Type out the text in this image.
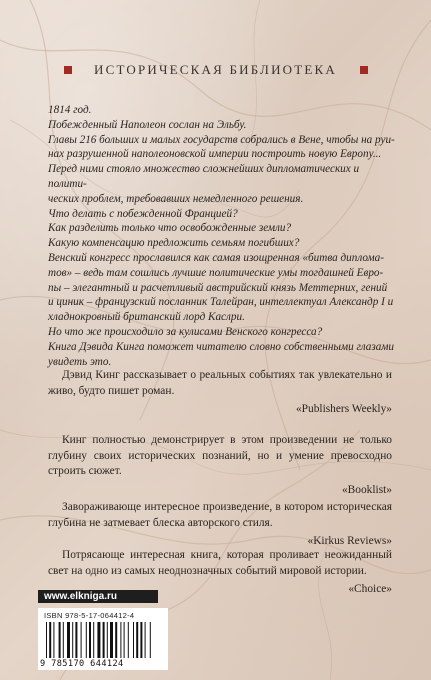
ИСТОРИЧЕСКАЯ БИБЛИОТЕКА

1814 год.

Побежденный Наполеон сослан на Эльбу.

Главы 216 больших и малых государств собрались в Вене, чтобы на руи-

нах разрушенной наполеоновской империи построить новую Европу...

Перед ними стояло множество сложнейших дипломатических и полити-

ческих проблем, требовавших немедленного решения.

Что делать с побежденной Францией?

Как разделить только что освобожденные земли?

Какую компенсацию предложить семьям погибших?

Венский конгресс прославился как самая изощренная «битва диплома-

тов» – ведь там сошлись лучшие политические умы тогдашней Евро-

пы – элегантный и расчетливый австрийский князь Меттерних, гений

и циник – французский посланник Талейран, интеллектуал Александр I и

хладнокровный британский лорд Каслри.

Но что же происходило за кулисами Венского конгресса?

Книга Дэвида Кинга поможет читателю словно собственными глазами

увидеть это.

Дэвид Кинг рассказывает о реальных событиях так увлекательно и живо, будто пишет роман.

«Publishers Weekly»

Кинг полностью демонстрирует в этом произведении не только глубину своих исторических познаний, но и умение превосходно строить сюжет.

«Booklist»

Завораживающе интересное произведение, в котором историческая глубина не затмевает блеска авторского стиля.

«Kirkus Reviews»

Потрясающе интересная книга, которая проливает неожиданный свет на одно из самых неоднозначных событий мировой истории.

«Choice»
www.elknigа.ru
ISBN 978-5-17-064412-4
9 785170 644124
